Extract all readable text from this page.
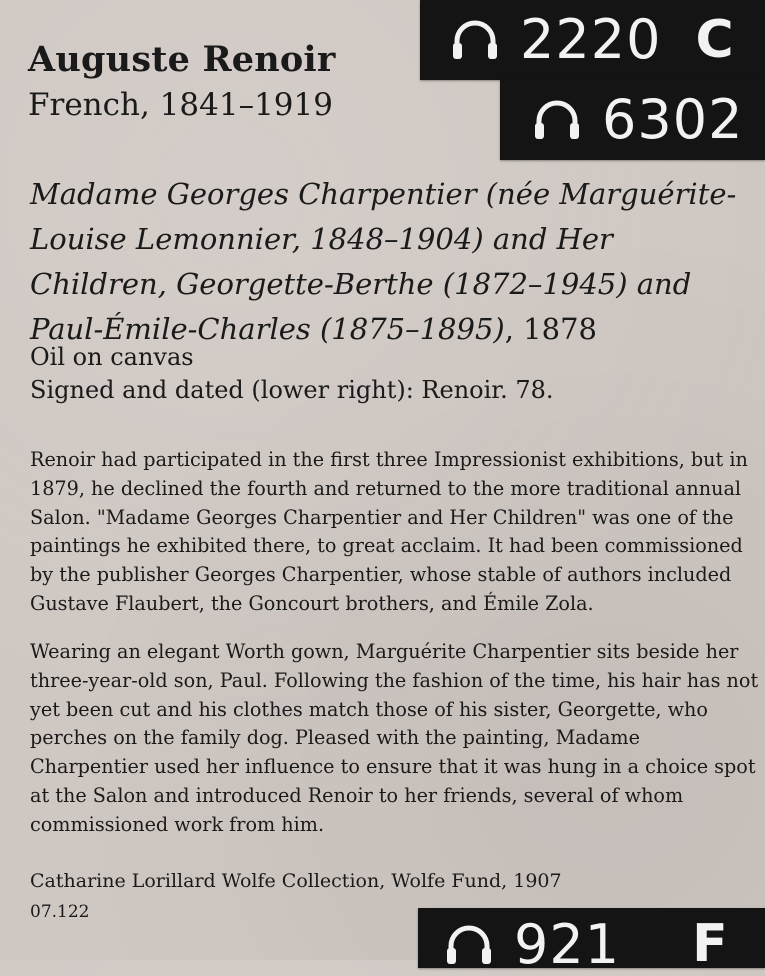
Auguste Renoir
French, 1841–1919
2220 C
6302

Madame Georges Charpentier (née Marguérite-Louise Lemonnier, 1848–1904) and Her Children, Georgette-Berthe (1872–1945) and Paul-Émile-Charles (1875–1895), 1878

Oil on canvas
Signed and dated (lower right): Renoir. 78.

Renoir had participated in the first three Impressionist exhibitions, but in 1879, he declined the fourth and returned to the more traditional annual Salon. "Madame Georges Charpentier and Her Children" was one of the paintings he exhibited there, to great acclaim. It had been commissioned by the publisher Georges Charpentier, whose stable of authors included Gustave Flaubert, the Goncourt brothers, and Émile Zola.

Wearing an elegant Worth gown, Marguérite Charpentier sits beside her three-year-old son, Paul. Following the fashion of the time, his hair has not yet been cut and his clothes match those of his sister, Georgette, who perches on the family dog. Pleased with the painting, Madame Charpentier used her influence to ensure that it was hung in a choice spot at the Salon and introduced Renoir to her friends, several of whom commissioned work from him.

Catharine Lorillard Wolfe Collection, Wolfe Fund, 1907
07.122
921 F
